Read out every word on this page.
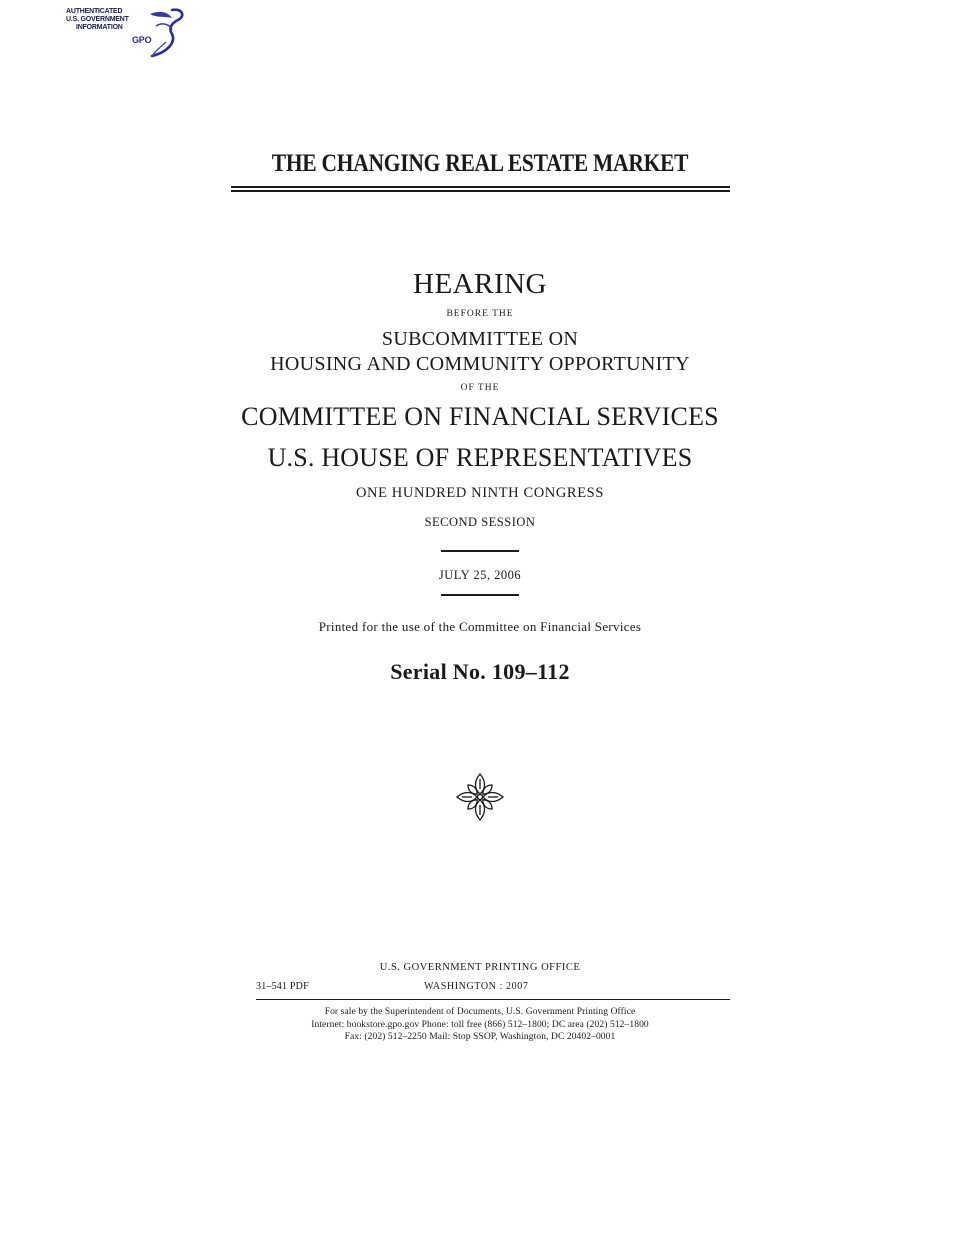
AUTHENTICATED
U.S. GOVERNMENT
INFORMATION
GPO
THE CHANGING REAL ESTATE MARKET
HEARING
BEFORE THE
SUBCOMMITTEE ON
HOUSING AND COMMUNITY OPPORTUNITY
OF THE
COMMITTEE ON FINANCIAL SERVICES
U.S. HOUSE OF REPRESENTATIVES
ONE HUNDRED NINTH CONGRESS
SECOND SESSION
JULY 25, 2006
Printed for the use of the Committee on Financial Services
Serial No. 109–112
U.S. GOVERNMENT PRINTING OFFICE
31–541 PDF	WASHINGTON : 2007
For sale by the Superintendent of Documents, U.S. Government Printing Office
Internet: bookstore.gpo.gov Phone: toll free (866) 512–1800; DC area (202) 512–1800
Fax: (202) 512–2250 Mail: Stop SSOP, Washington, DC 20402–0001
